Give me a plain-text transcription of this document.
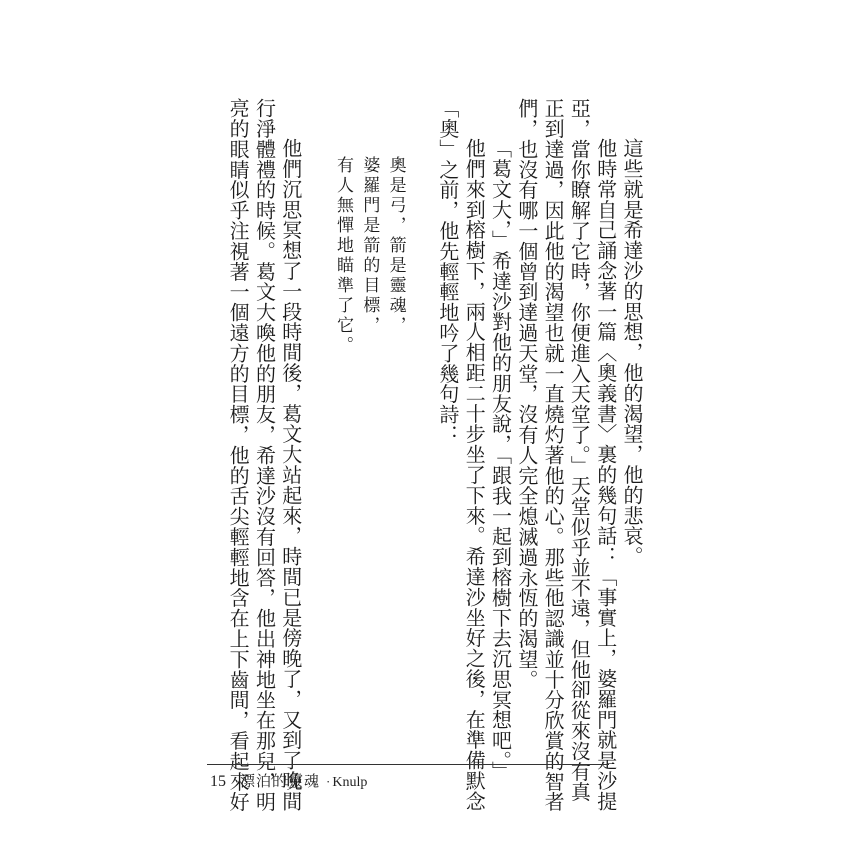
這些就是希達沙的思想，他的渴望，他的悲哀。
他時常自己誦念著一篇〈奧義書〉裏的幾句話：「事實上，婆羅門就是沙提
亞，當你瞭解了它時，你便進入天堂了。」天堂似乎並不遠，但他卻從來沒有真
正到達過，因此他的渴望也就一直燒灼著他的心。那些他認識並十分欣賞的智者
們，也沒有哪一個曾到達過天堂，沒有人完全熄滅過永恆的渴望。
「葛文大，」希達沙對他的朋友說，「跟我一起到榕樹下去沉思冥想吧。」
他們來到榕樹下，兩人相距二十步坐了下來。希達沙坐好之後，在準備默念
「奧」之前，他先輕輕地吟了幾句詩：
奧是弓，箭是靈魂，
婆羅門是箭的目標，
有人無憚地瞄準了它。
他們沉思冥想了一段時間後，葛文大站起來，時間已是傍晚了，又到了晚間
行淨體禮的時候。葛文大喚他的朋友，希達沙沒有回答，他出神地坐在那兒，明
亮的眼睛似乎注視著一個遠方的目標，他的舌尖輕輕地含在上下齒間，看起來好
15 漂泊的靈魂 · Knulp
